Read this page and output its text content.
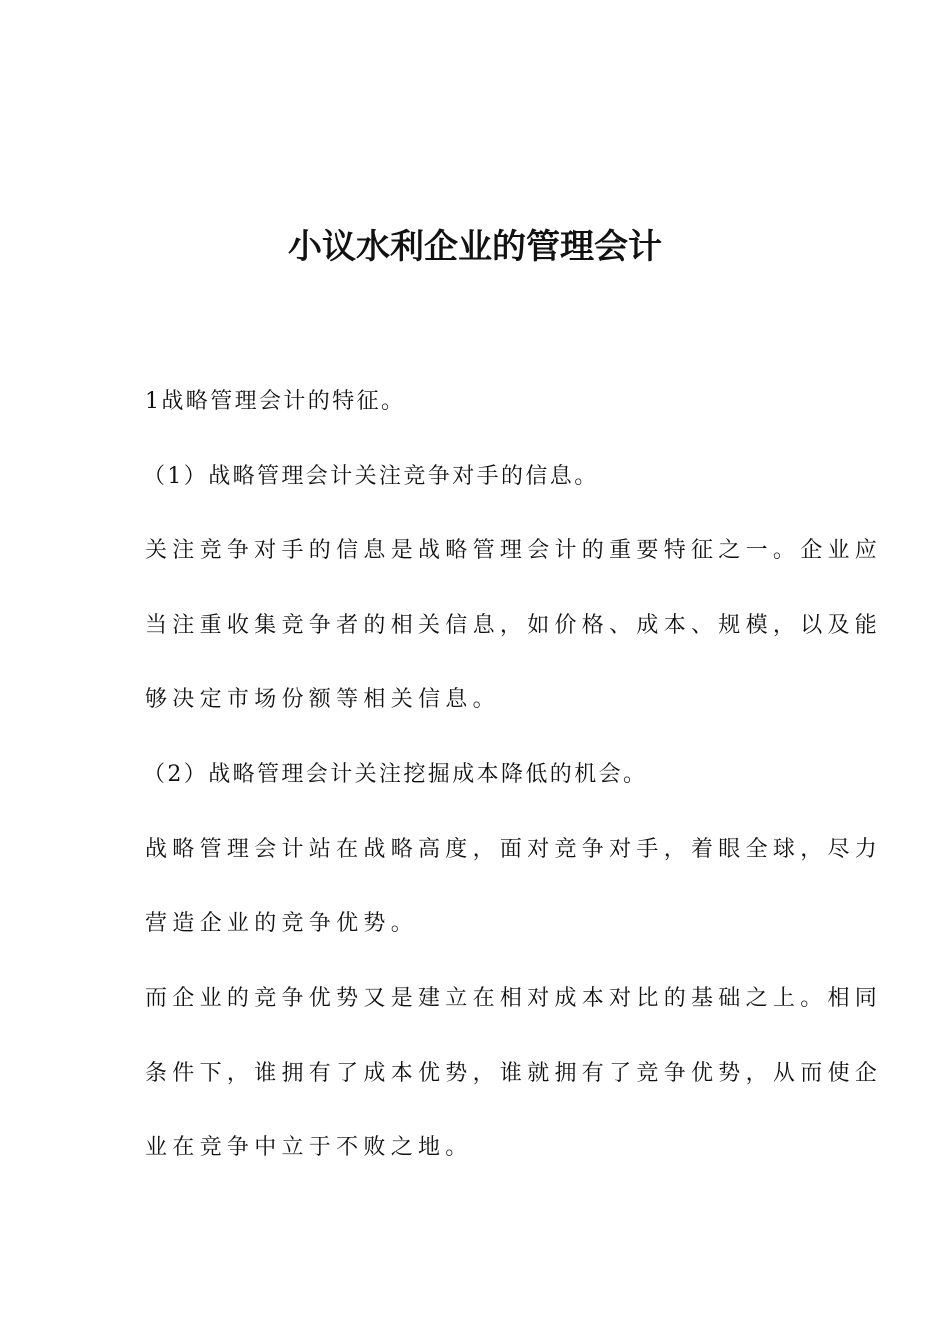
小议水利企业的管理会计

1战略管理会计的特征。

（1）战略管理会计关注竞争对手的信息。

关注竞争对手的信息是战略管理会计的重要特征之一。企业应

当注重收集竞争者的相关信息，如价格、成本、规模，以及能

够决定市场份额等相关信息。

（2）战略管理会计关注挖掘成本降低的机会。

战略管理会计站在战略高度，面对竞争对手，着眼全球，尽力

营造企业的竞争优势。

而企业的竞争优势又是建立在相对成本对比的基础之上。相同

条件下，谁拥有了成本优势，谁就拥有了竞争优势，从而使企

业在竞争中立于不败之地。
